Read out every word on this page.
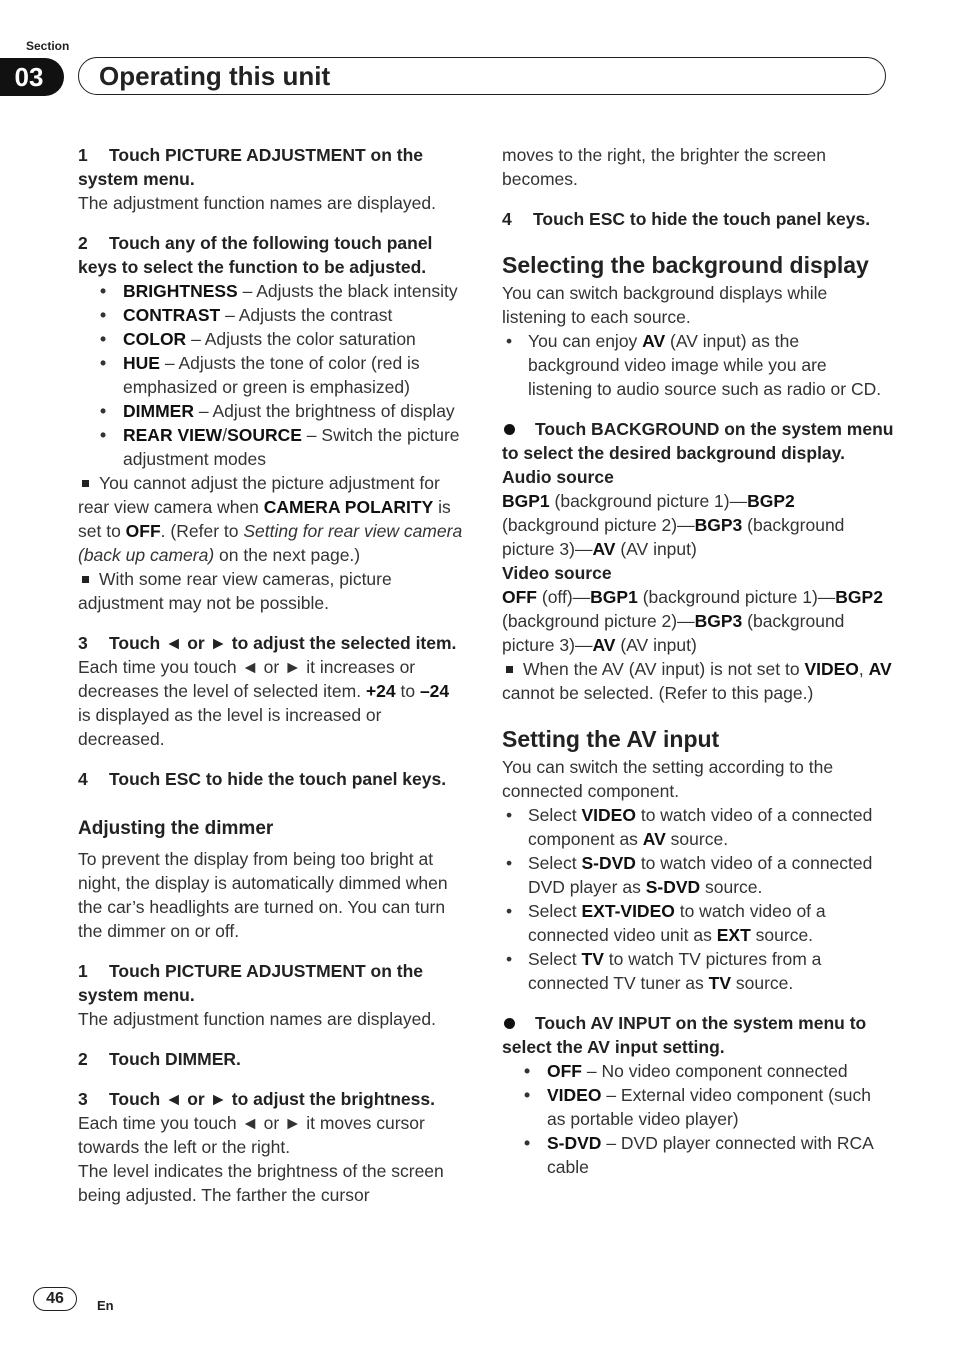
Section
03	Operating this unit

1 Touch PICTURE ADJUSTMENT on the system menu.

The adjustment function names are displayed.

2 Touch any of the following touch panel keys to select the function to be adjusted.

• BRIGHTNESS – Adjusts the black intensity

• CONTRAST – Adjusts the contrast

• COLOR – Adjusts the color saturation

• HUE – Adjusts the tone of color (red is emphasized or green is emphasized)

• DIMMER – Adjust the brightness of display

• REAR VIEW/SOURCE – Switch the picture adjustment modes

You cannot adjust the picture adjustment for rear view camera when CAMERA POLARITY is set to OFF. (Refer to Setting for rear view camera (back up camera) on the next page.)

With some rear view cameras, picture adjustment may not be possible.

3 Touch ◄ or ► to adjust the selected item.

Each time you touch ◄ or ► it increases or decreases the level of selected item. +24 to –24 is displayed as the level is increased or decreased.

4 Touch ESC to hide the touch panel keys.

Adjusting the dimmer

To prevent the display from being too bright at night, the display is automatically dimmed when the car’s headlights are turned on. You can turn the dimmer on or off.

1 Touch PICTURE ADJUSTMENT on the system menu.

The adjustment function names are displayed.

2 Touch DIMMER.

3 Touch ◄ or ► to adjust the brightness.

Each time you touch ◄ or ► it moves cursor towards the left or the right.

The level indicates the brightness of the screen being adjusted. The farther the cursor

moves to the right, the brighter the screen becomes.

4 Touch ESC to hide the touch panel keys.

Selecting the background display

You can switch background displays while listening to each source.

• You can enjoy AV (AV input) as the background video image while you are listening to audio source such as radio or CD.

Touch BACKGROUND on the system menu to select the desired background display.

Audio source

BGP1 (background picture 1)—BGP2 (background picture 2)—BGP3 (background picture 3)—AV (AV input)

Video source

OFF (off)—BGP1 (background picture 1)—BGP2 (background picture 2)—BGP3 (background picture 3)—AV (AV input)

When the AV (AV input) is not set to VIDEO, AV cannot be selected. (Refer to this page.)

Setting the AV input

You can switch the setting according to the connected component.

• Select VIDEO to watch video of a connected component as AV source.

• Select S-DVD to watch video of a connected DVD player as S-DVD source.

• Select EXT-VIDEO to watch video of a connected video unit as EXT source.

• Select TV to watch TV pictures from a connected TV tuner as TV source.

Touch AV INPUT on the system menu to select the AV input setting.

• OFF – No video component connected

• VIDEO – External video component (such as portable video player)

• S-DVD – DVD player connected with RCA cable

46	En
